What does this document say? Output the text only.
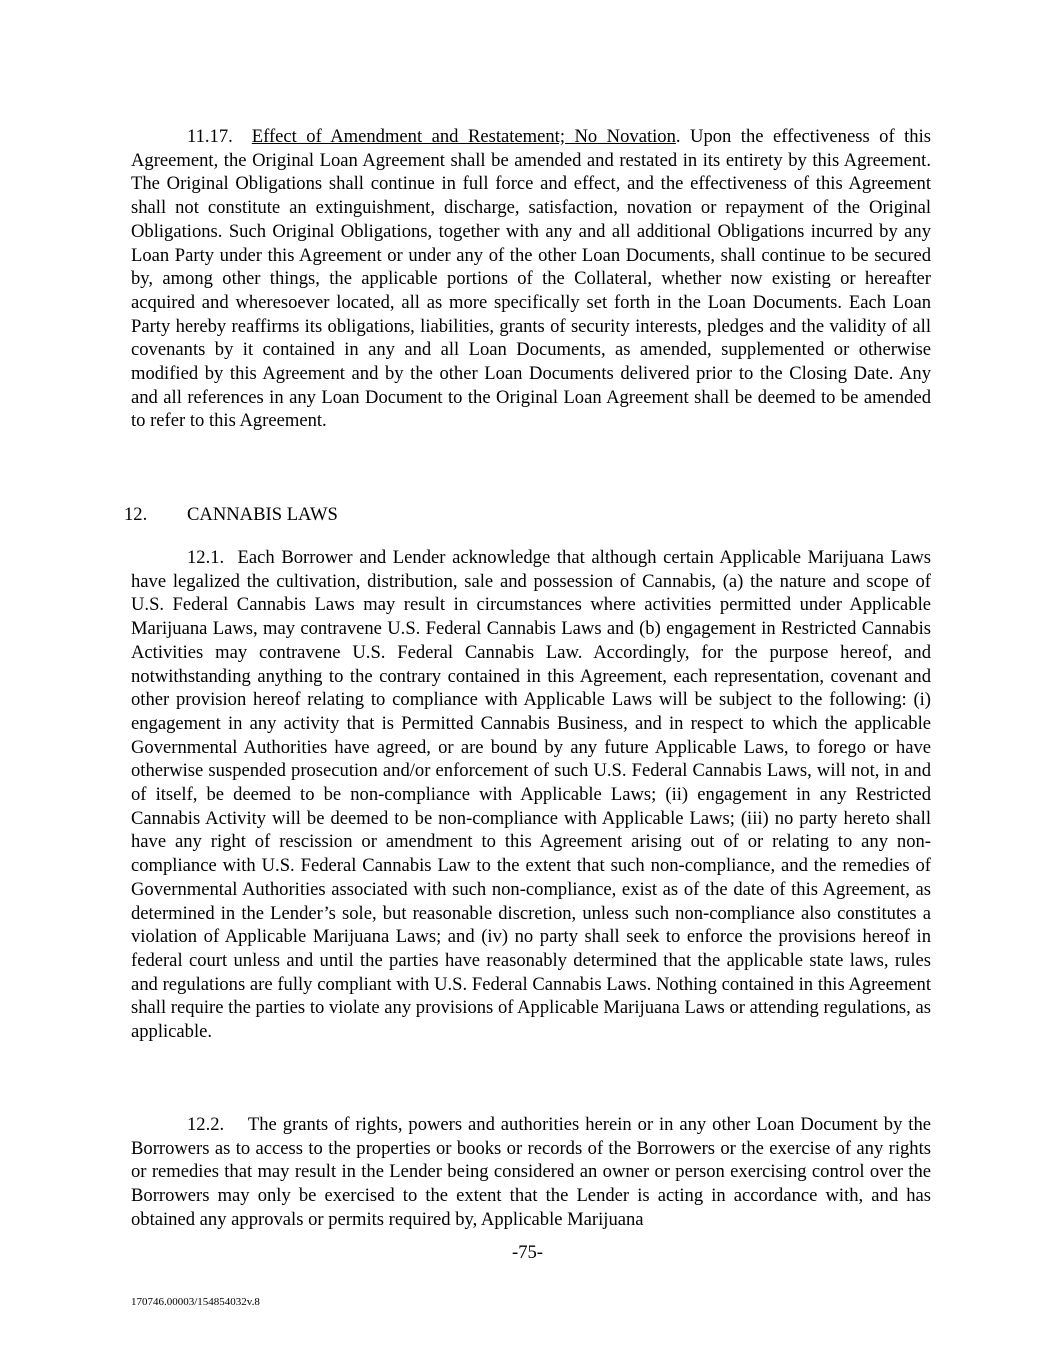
11.17. Effect of Amendment and Restatement; No Novation. Upon the effectiveness of this Agreement, the Original Loan Agreement shall be amended and restated in its entirety by this Agreement. The Original Obligations shall continue in full force and effect, and the effectiveness of this Agreement shall not constitute an extinguishment, discharge, satisfaction, novation or repayment of the Original Obligations. Such Original Obligations, together with any and all additional Obligations incurred by any Loan Party under this Agreement or under any of the other Loan Documents, shall continue to be secured by, among other things, the applicable portions of the Collateral, whether now existing or hereafter acquired and wheresoever located, all as more specifically set forth in the Loan Documents. Each Loan Party hereby reaffirms its obligations, liabilities, grants of security interests, pledges and the validity of all covenants by it contained in any and all Loan Documents, as amended, supplemented or otherwise modified by this Agreement and by the other Loan Documents delivered prior to the Closing Date. Any and all references in any Loan Document to the Original Loan Agreement shall be deemed to be amended to refer to this Agreement.
12. CANNABIS LAWS
12.1. Each Borrower and Lender acknowledge that although certain Applicable Marijuana Laws have legalized the cultivation, distribution, sale and possession of Cannabis, (a) the nature and scope of U.S. Federal Cannabis Laws may result in circumstances where activities permitted under Applicable Marijuana Laws, may contravene U.S. Federal Cannabis Laws and (b) engagement in Restricted Cannabis Activities may contravene U.S. Federal Cannabis Law. Accordingly, for the purpose hereof, and notwithstanding anything to the contrary contained in this Agreement, each representation, covenant and other provision hereof relating to compliance with Applicable Laws will be subject to the following: (i) engagement in any activity that is Permitted Cannabis Business, and in respect to which the applicable Governmental Authorities have agreed, or are bound by any future Applicable Laws, to forego or have otherwise suspended prosecution and/or enforcement of such U.S. Federal Cannabis Laws, will not, in and of itself, be deemed to be non-compliance with Applicable Laws; (ii) engagement in any Restricted Cannabis Activity will be deemed to be non-compliance with Applicable Laws; (iii) no party hereto shall have any right of rescission or amendment to this Agreement arising out of or relating to any non-compliance with U.S. Federal Cannabis Law to the extent that such non-compliance, and the remedies of Governmental Authorities associated with such non-compliance, exist as of the date of this Agreement, as determined in the Lender’s sole, but reasonable discretion, unless such non-compliance also constitutes a violation of Applicable Marijuana Laws; and (iv) no party shall seek to enforce the provisions hereof in federal court unless and until the parties have reasonably determined that the applicable state laws, rules and regulations are fully compliant with U.S. Federal Cannabis Laws. Nothing contained in this Agreement shall require the parties to violate any provisions of Applicable Marijuana Laws or attending regulations, as applicable.
12.2. The grants of rights, powers and authorities herein or in any other Loan Document by the Borrowers as to access to the properties or books or records of the Borrowers or the exercise of any rights or remedies that may result in the Lender being considered an owner or person exercising control over the Borrowers may only be exercised to the extent that the Lender is acting in accordance with, and has obtained any approvals or permits required by, Applicable Marijuana
-75-
170746.00003/154854032v.8
